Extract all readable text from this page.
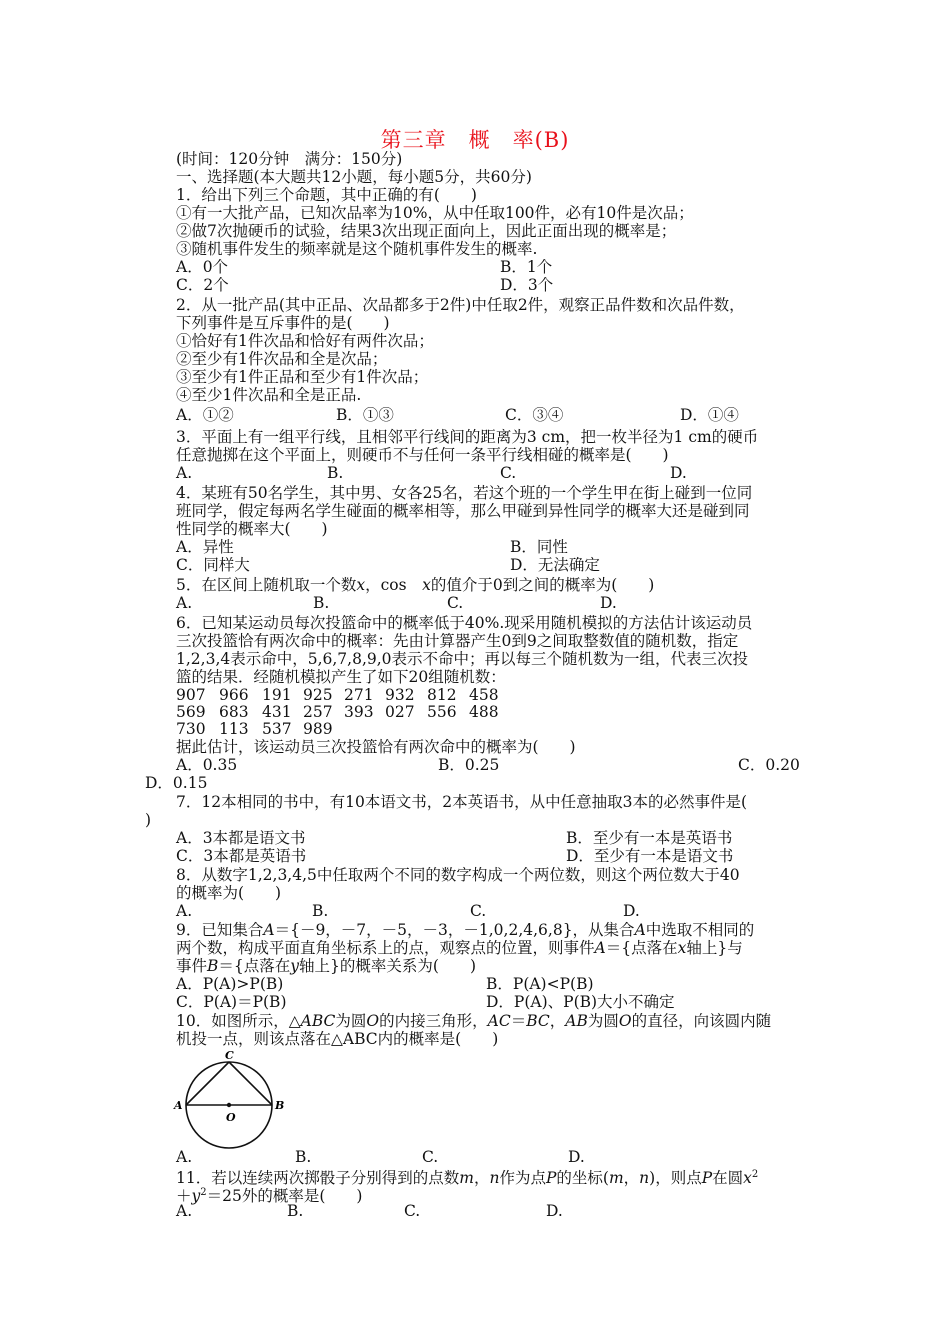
第三章　概　率(B)
(时间：120分钟　满分：150分)
一、选择题(本大题共12小题，每小题5分，共60分)
1．给出下列三个命题，其中正确的有(　　)
①有一大批产品，已知次品率为10%，从中任取100件，必有10件是次品；
②做7次抛硬币的试验，结果3次出现正面向上，因此正面出现的概率是；
③随机事件发生的频率就是这个随机事件发生的概率.
A．0个	B．1个
C．2个	D．3个
2．从一批产品(其中正品、次品都多于2件)中任取2件，观察正品件数和次品件数，
下列事件是互斥事件的是(　　)
①恰好有1件次品和恰好有两件次品；
②至少有1件次品和全是次品；
③至少有1件正品和至少有1件次品；
④至少1件次品和全是正品.
A．①②	B．①③	C．③④	D．①④
3．平面上有一组平行线，且相邻平行线间的距离为3 cm，把一枚半径为1 cm的硬币
任意抛掷在这个平面上，则硬币不与任何一条平行线相碰的概率是(　　)
A.	B.	C.	D.
4．某班有50名学生，其中男、女各25名，若这个班的一个学生甲在街上碰到一位同
班同学，假定每两名学生碰面的概率相等，那么甲碰到异性同学的概率大还是碰到同
性同学的概率大(　　)
A．异性	B．同性
C．同样大	D．无法确定
5．在区间上随机取一个数x，cos　x的值介于0到之间的概率为(　　)
A.	B.	C.	D.
6．已知某运动员每次投篮命中的概率低于40%.现采用随机模拟的方法估计该运动员
三次投篮恰有两次命中的概率：先由计算器产生0到9之间取整数值的随机数，指定
1,2,3,4表示命中，5,6,7,8,9,0表示不命中；再以每三个随机数为一组，代表三次投
篮的结果．经随机模拟产生了如下20组随机数：
907 966 191 925 271 932 812 458
569 683 431 257 393 027 556 488
730 113 537 989
据此估计，该运动员三次投篮恰有两次命中的概率为(　　)
A．0.35	B．0.25	C．0.20
D．0.15
7．12本相同的书中，有10本语文书，2本英语书，从中任意抽取3本的必然事件是(
)
A．3本都是语文书	B．至少有一本是英语书
C．3本都是英语书	D．至少有一本是语文书
8．从数字1,2,3,4,5中任取两个不同的数字构成一个两位数，则这个两位数大于40
的概率为(　　)
A.	B.	C.	D.
9．已知集合A＝{－9，－7，－5，－3，－1,0,2,4,6,8}，从集合A中选取不相同的
两个数，构成平面直角坐标系上的点，观察点的位置，则事件A＝{点落在x轴上}与
事件B＝{点落在y轴上}的概率关系为(　　)
A．P(A)>P(B)	B．P(A)<P(B)
C．P(A)＝P(B)	D．P(A)、P(B)大小不确定
10．如图所示，△ABC为圆O的内接三角形，AC＝BC，AB为圆O的直径，向该圆内随
机投一点，则该点落在△ABC内的概率是(　　)
C
A	B
O
A.	B.	C.	D.
11．若以连续两次掷骰子分别得到的点数m，n作为点P的坐标(m，n)，则点P在圆$x^2$
$+y^2=25$外的概率是(　　)
A.	B.	C.	D.
